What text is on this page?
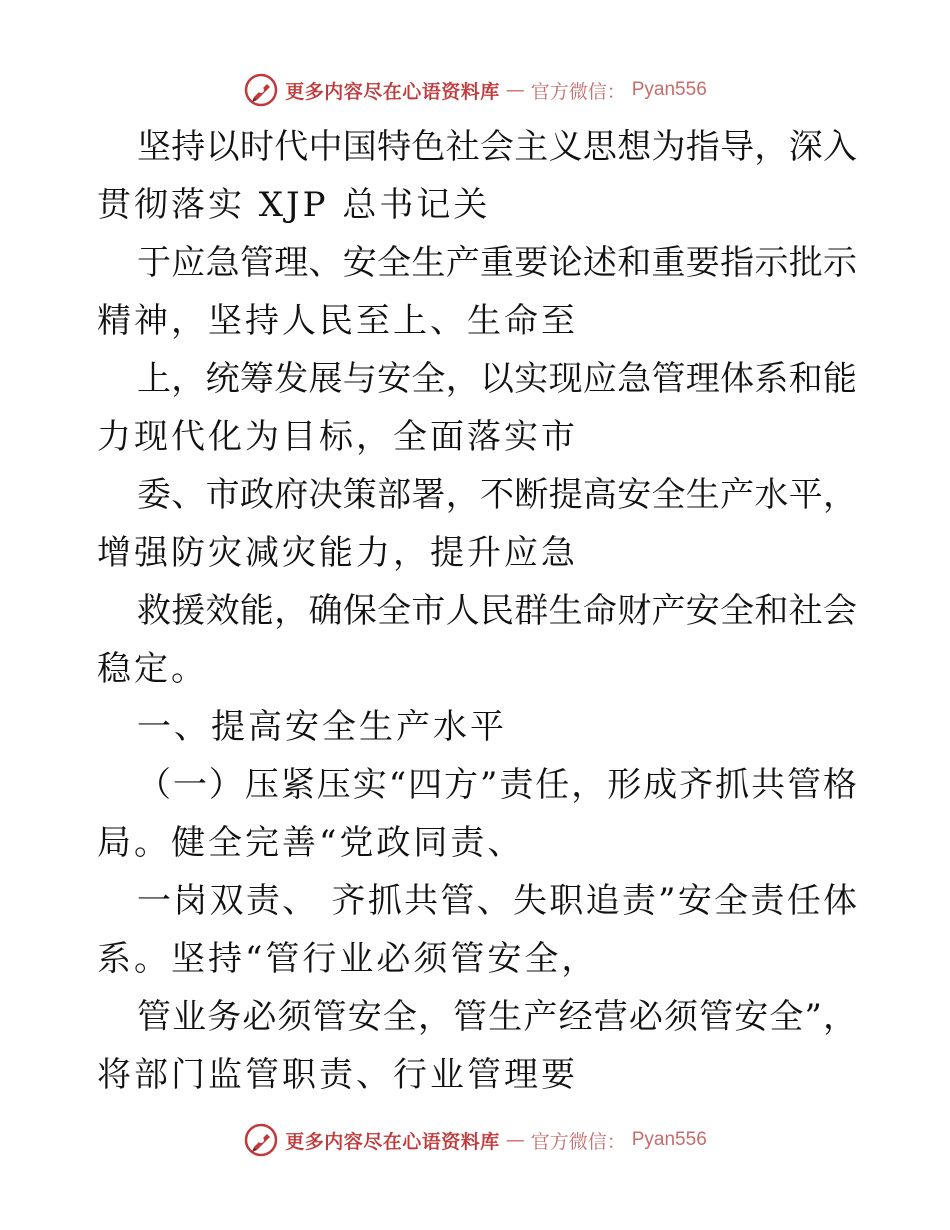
更多内容尽在心语资料库 — 官方微信： Pyan556
坚持以时代中国特色社会主义思想为指导，深入
贯彻落实 XJP 总书记关
于应急管理、安全生产重要论述和重要指示批示
精神，坚持人民至上、生命至
上，统筹发展与安全，以实现应急管理体系和能
力现代化为目标，全面落实市
委、市政府决策部署，不断提高安全生产水平，
增强防灾减灾能力，提升应急
救援效能，确保全市人民群生命财产安全和社会
稳定。
一、提高安全生产水平
（一）压紧压实“四方”责任，形成齐抓共管格
局。健全完善“党政同责、
一岗双责、 齐抓共管、失职追责”安全责任体
系。坚持“管行业必须管安全，
管业务必须管安全，管生产经营必须管安全”，
将部门监管职责、行业管理要
更多内容尽在心语资料库 — 官方微信： Pyan556
